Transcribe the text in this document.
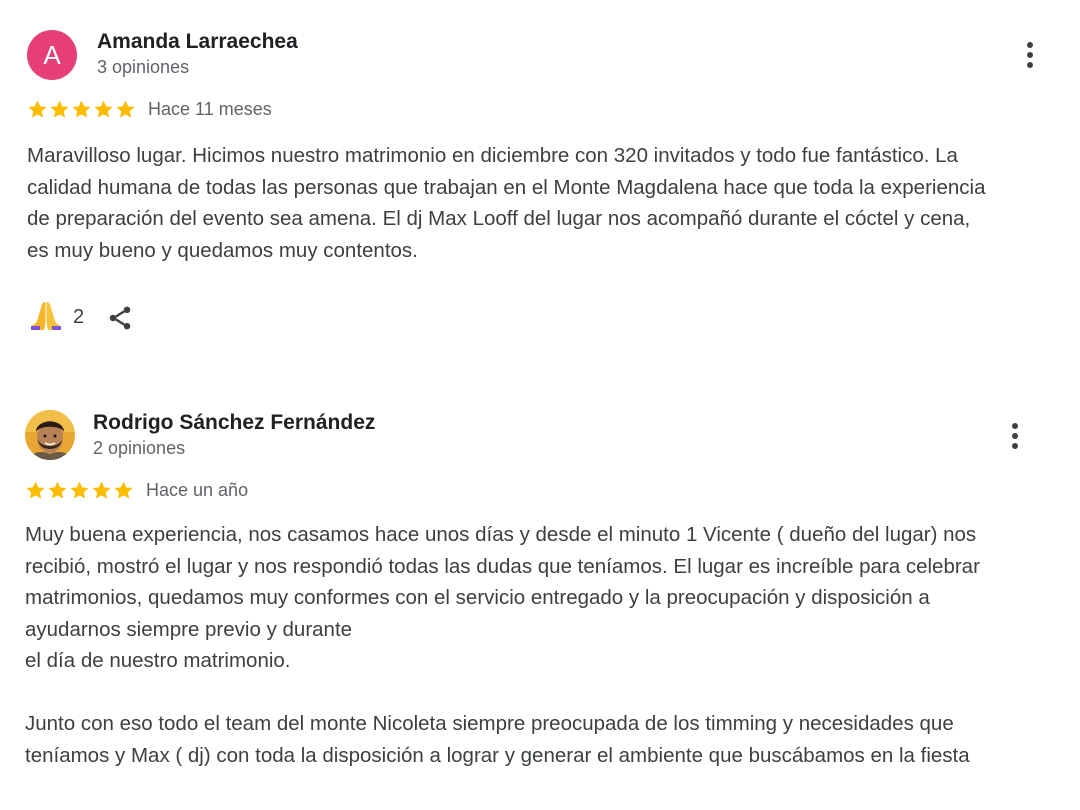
A Amanda Larraechea
3 opiniones
Hace 11 meses
Maravilloso lugar. Hicimos nuestro matrimonio en diciembre con 320 invitados y todo fue fantástico. La
calidad humana de todas las personas que trabajan en el Monte Magdalena hace que toda la experiencia
de preparación del evento sea amena. El dj Max Looff del lugar nos acompañó durante el cóctel y cena,
es muy bueno y quedamos muy contentos.
2
Rodrigo Sánchez Fernández
2 opiniones
Hace un año
Muy buena experiencia, nos casamos hace unos días y desde el minuto 1 Vicente ( dueño del lugar) nos
recibió, mostró el lugar y nos respondió todas las dudas que teníamos. El lugar es increíble para celebrar
matrimonios, quedamos muy conformes con el servicio entregado y la preocupación y disposición a
ayudarnos siempre previo y durante
el día de nuestro matrimonio.

Junto con eso todo el team del monte Nicoleta siempre preocupada de los timming y necesidades que
teníamos y Max ( dj) con toda la disposición a lograr y generar el ambiente que buscábamos en la fiesta
